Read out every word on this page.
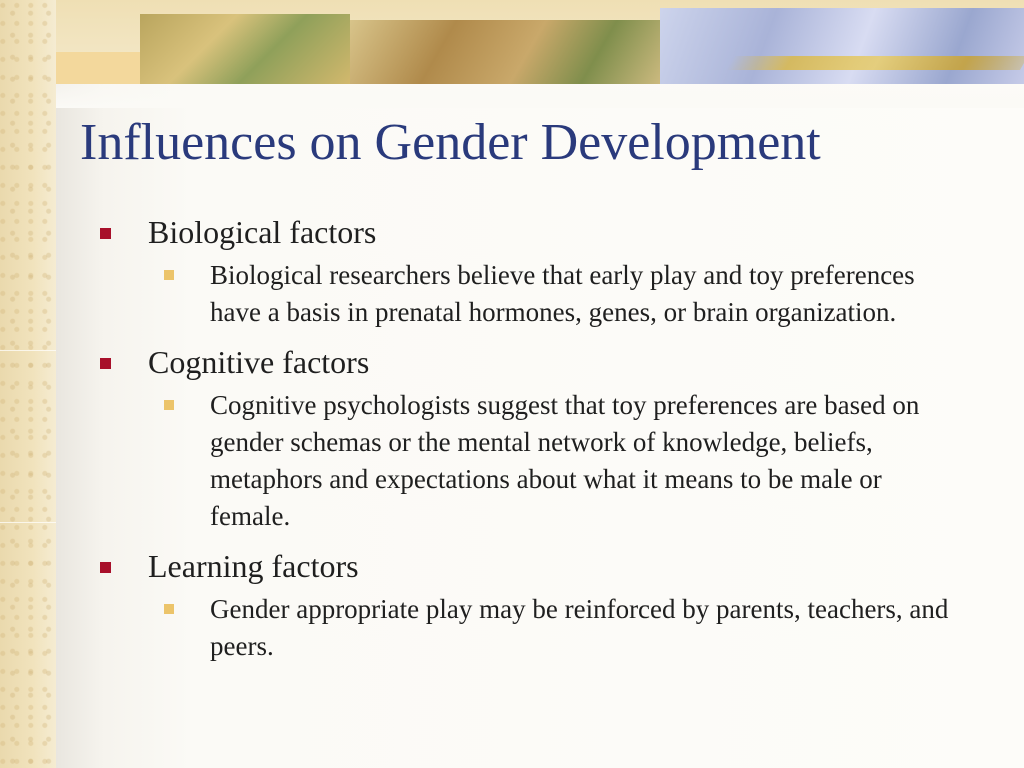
Influences on Gender Development
Biological factors
Biological researchers believe that early play and toy preferences have a basis in prenatal hormones, genes, or brain organization.
Cognitive factors
Cognitive psychologists suggest that toy preferences are based on gender schemas or the mental network of knowledge, beliefs, metaphors and expectations about what it means to be male or female.
Learning factors
Gender appropriate play may be reinforced by parents, teachers, and peers.
